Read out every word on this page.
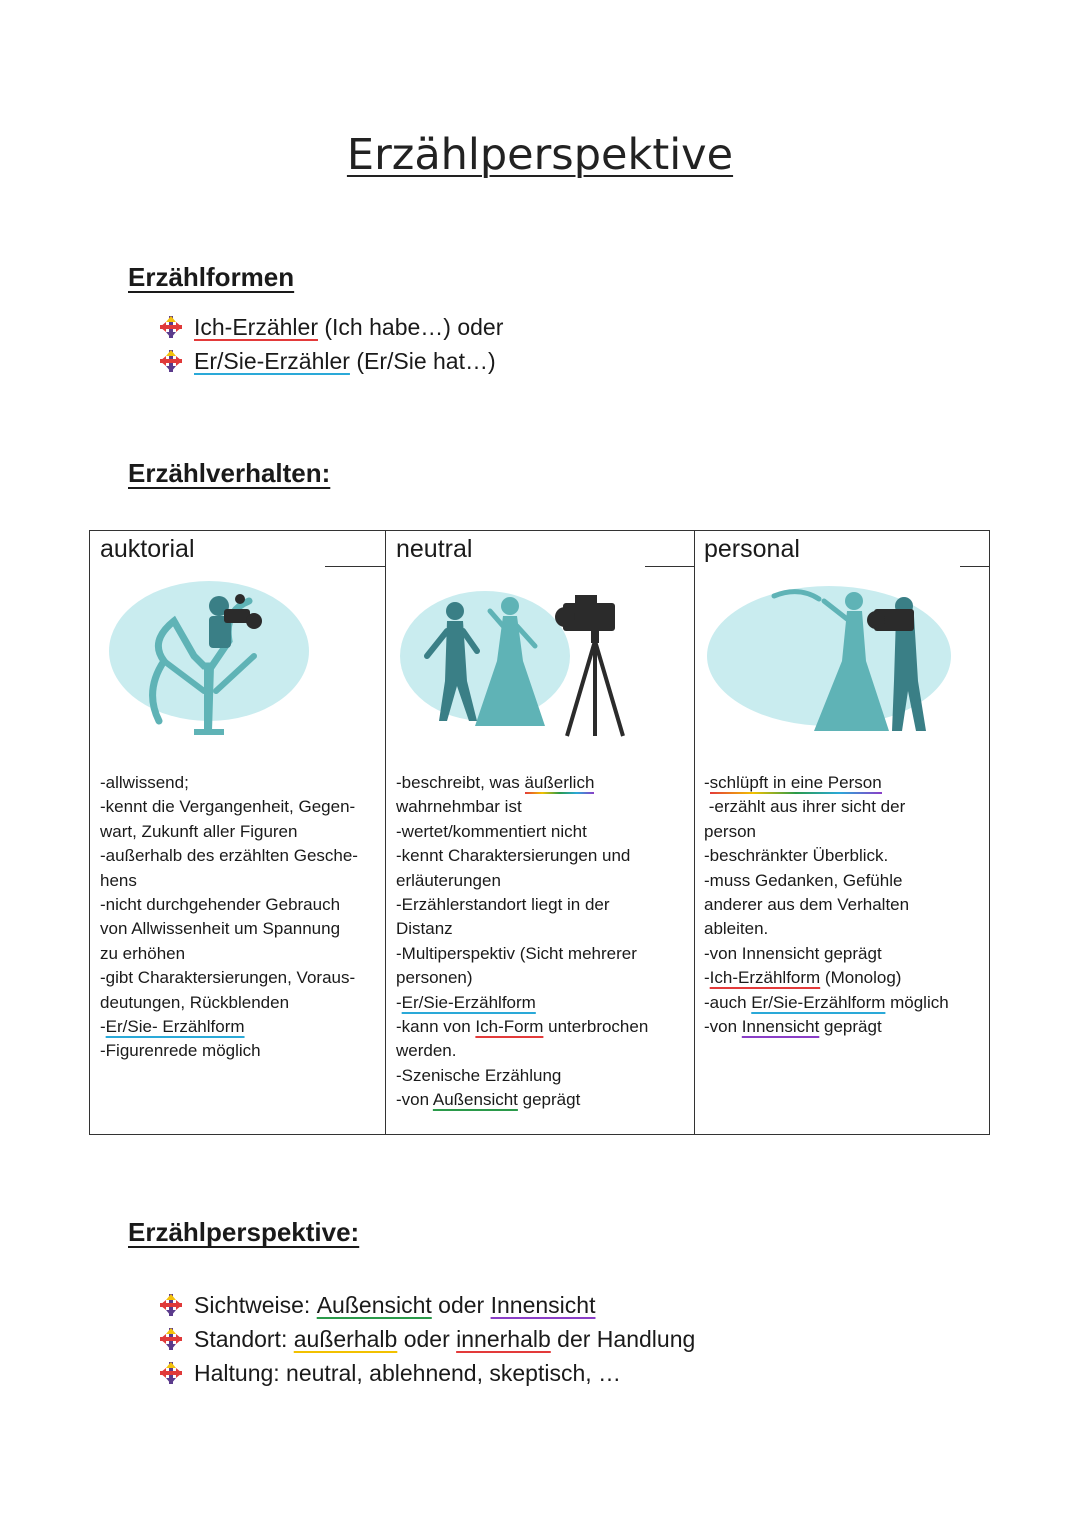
Erzählperspektive
Erzählformen
Ich-Erzähler (Ich habe…) oder
Er/Sie-Erzähler (Er/Sie hat…)
Erzählverhalten:
auktorial	neutral	personal
-allwissend;
-kennt die Vergangenheit, Gegen-
wart, Zukunft aller Figuren
-außerhalb des erzählten Gesche-
hens
-nicht durchgehender Gebrauch
von Allwissenheit um Spannung
zu erhöhen
-gibt Charaktersierungen, Voraus-
deutungen, Rückblenden
-Er/Sie- Erzählform
-Figurenrede möglich
-beschreibt, was äußerlich
wahrnehmbar ist
-wertet/kommentiert nicht
-kennt Charaktersierungen und
erläuterungen
-Erzählerstandort liegt in der
Distanz
-Multiperspektiv (Sicht mehrerer
personen)
-Er/Sie-Erzählform
-kann von Ich-Form unterbrochen
werden.
-Szenische Erzählung
-von Außensicht geprägt
-schlüpft in eine Person
-erzählt aus ihrer sicht der
person
-beschränkter Überblick.
-muss Gedanken, Gefühle
anderer aus dem Verhalten
ableiten.
-von Innensicht geprägt
-Ich-Erzählform (Monolog)
-auch Er/Sie-Erzählform möglich
-von Innensicht geprägt
Erzählperspektive:
Sichtweise: Außensicht oder Innensicht
Standort: außerhalb oder innerhalb der Handlung
Haltung: neutral, ablehnend, skeptisch, …
